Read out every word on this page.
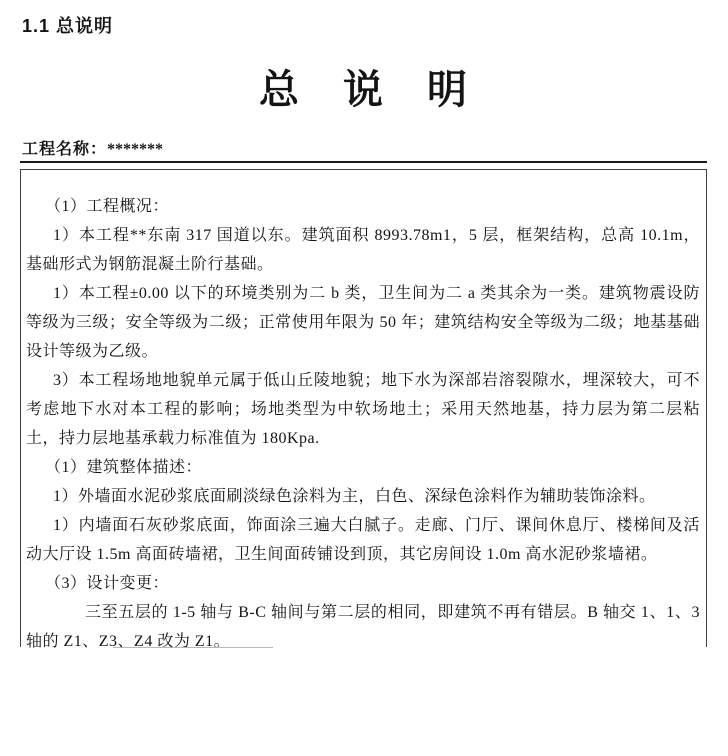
1.1 总说明
总　说　明
工程名称：*******

（1）工程概况：

1）本工程**东南 317 国道以东。建筑面积 8993.78m1，5 层，框架结构，总高 10.1m，基础形式为钢筋混凝土阶行基础。

1）本工程±0.00 以下的环境类别为二 b 类，卫生间为二 a 类其余为一类。建筑物震设防等级为三级；安全等级为二级；正常使用年限为 50 年；建筑结构安全等级为二级；地基基础设计等级为乙级。

3）本工程场地地貌单元属于低山丘陵地貌；地下水为深部岩溶裂隙水，埋深较大，可不考虑地下水对本工程的影响；场地类型为中软场地土；采用天然地基，持力层为第二层粘土，持力层地基承载力标准值为 180Kpa.

（1）建筑整体描述：

1）外墙面水泥砂浆底面刷淡绿色涂料为主，白色、深绿色涂料作为辅助装饰涂料。

1）内墙面石灰砂浆底面，饰面涂三遍大白腻子。走廊、门厅、课间休息厅、楼梯间及活动大厅设 1.5m 高面砖墙裙，卫生间面砖铺设到顶，其它房间设 1.0m 高水泥砂浆墙裙。

（3）设计变更：

三至五层的 1-5 轴与 B-C 轴间与第二层的相同，即建筑不再有错层。B 轴交 1、1、3 轴的 Z1、Z3、Z4 改为 Z1。
